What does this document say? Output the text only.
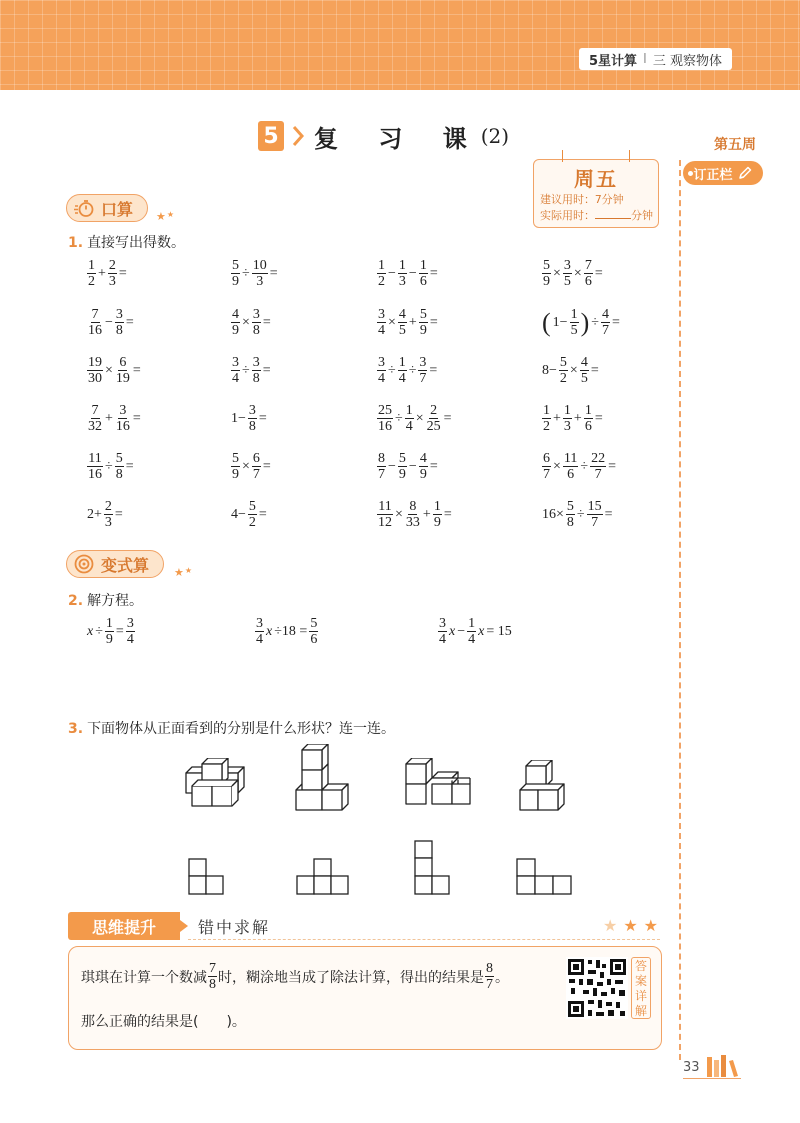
5星计算 I 三 观察物体
第五周
订正栏
5 复 习 课
(2)
周五
建议用时：7分钟
实际用时：	分钟
口算 ★ ★
1. 直接写出得数。
$\frac{1}{2} + \frac{2}{3}$ =	$\frac{5}{9} \div \frac{10}{3}$ =	$\frac{1}{2} - \frac{1}{3} - \frac{1}{6}$ =	$\frac{5}{9} \times \frac{3}{5} \times \frac{7}{6}$ =
$\frac{7}{16} - \frac{3}{8}$ =	$\frac{4}{9} \times \frac{3}{8}$ =	$\frac{3}{4} \times \frac{4}{5} + \frac{5}{9}$ =	( $1- \frac{1}{5}$ ) ÷ $\frac{4}{7}$ =
$\frac{19}{30} \times \frac{6}{19}$ =	$\frac{3}{4} \div \frac{3}{8}$ =	$\frac{3}{4} \div \frac{1}{4} \div \frac{3}{7}$ =	$8- \frac{5}{2} \times \frac{4}{5}$ =
$\frac{7}{32} + \frac{3}{16}$ =	$1- \frac{3}{8}$ =	$\frac{25}{16} \div \frac{1}{4} \times \frac{2}{25}$ =	$\frac{1}{2} + \frac{1}{3} + \frac{1}{6}$ =
$\frac{11}{16} \div \frac{5}{8}$ =	$\frac{5}{9} \times \frac{6}{7}$ =	$\frac{8}{7} - \frac{5}{9} - \frac{4}{9}$ =	$\frac{6}{7} \times \frac{11}{6} \div \frac{22}{7}$ =
$2+ \frac{2}{3}$ =	$4- \frac{5}{2}$ =	$\frac{11}{12} \times \frac{8}{33} + \frac{1}{9}$ =	$16\times \frac{5}{8} \div \frac{15}{7}$ =
变式算 ★ ★
2. 解方程。
$x \div \frac{1}{9} = \frac{3}{4}$	$\frac{3}{4}$ $x \div 18 = \frac{5}{6}$	$\frac{3}{4}$ $x - \frac{1}{4}$ x = 15
3. 下面物体从正面看到的分别是什么形状？连一连。
思维提升	错中求解	★ ★ ★
琪琪在计算一个数减 $\frac{7}{8}$ 时，糊涂地当成了除法计算，得出的结果是 $\frac{8}{7}$ 。
那么正确的结果是(　　)。
答案详解
33
